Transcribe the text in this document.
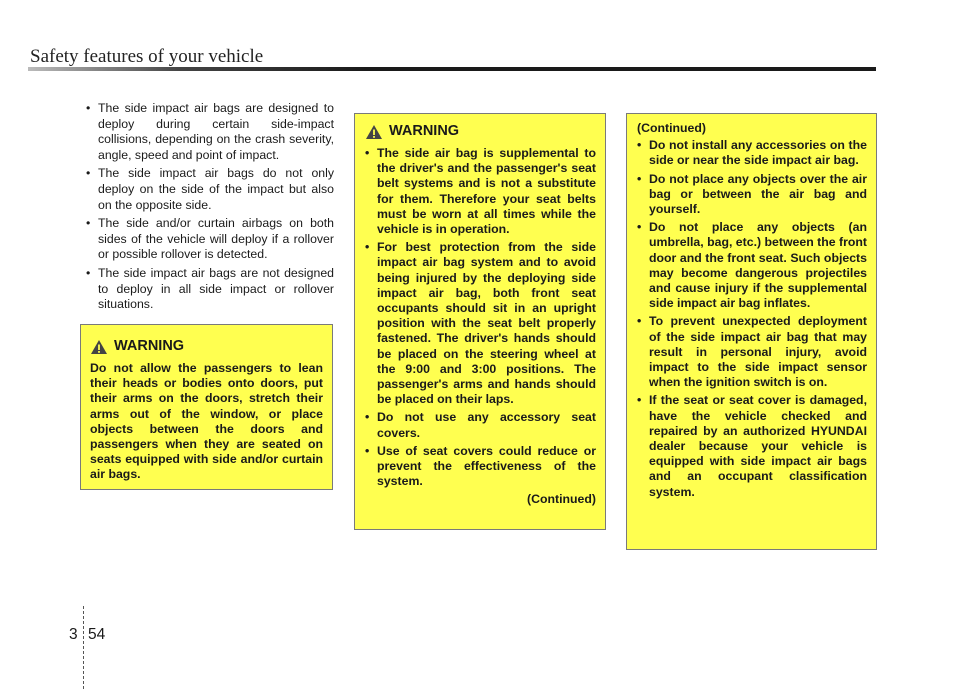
Safety features of your vehicle
• The side impact air bags are designed to deploy during certain side-impact collisions, depending on the crash severity, angle, speed and point of impact.
• The side impact air bags do not only deploy on the side of the impact but also on the opposite side.
• The side and/or curtain airbags on both sides of the vehicle will deploy if a rollover or possible rollover is detected.
• The side impact air bags are not designed to deploy in all side impact or rollover situations.
WARNING
Do not allow the passengers to lean their heads or bodies onto doors, put their arms on the doors, stretch their arms out of the window, or place objects between the doors and passengers when they are seated on seats equipped with side and/or curtain air bags.
WARNING
• The side air bag is supplemental to the driver's and the passenger's seat belt systems and is not a substitute for them. Therefore your seat belts must be worn at all times while the vehicle is in operation.
• For best protection from the side impact air bag system and to avoid being injured by the deploying side impact air bag, both front seat occupants should sit in an upright position with the seat belt properly fastened. The driver's hands should be placed on the steering wheel at the 9:00 and 3:00 positions. The passenger's arms and hands should be placed on their laps.
• Do not use any accessory seat covers.
• Use of seat covers could reduce or prevent the effectiveness of the system.
(Continued)
(Continued)
• Do not install any accessories on the side or near the side impact air bag.
• Do not place any objects over the air bag or between the air bag and yourself.
• Do not place any objects (an umbrella, bag, etc.) between the front door and the front seat. Such objects may become dangerous projectiles and cause injury if the supplemental side impact air bag inflates.
• To prevent unexpected deployment of the side impact air bag that may result in personal injury, avoid impact to the side impact sensor when the ignition switch is on.
• If the seat or seat cover is damaged, have the vehicle checked and repaired by an authorized HYUNDAI dealer because your vehicle is equipped with side impact air bags and an occupant classification system.
3 54
